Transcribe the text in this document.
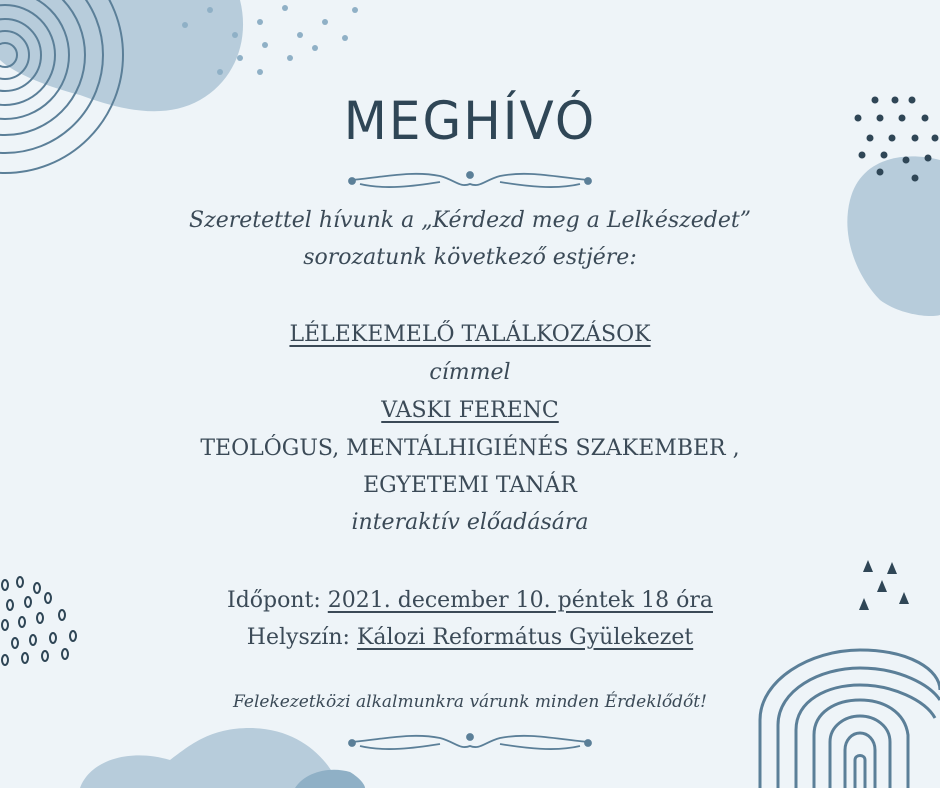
MEGHÍVÓ
Szeretettel hívunk a „Kérdezd meg a Lelkészedet”
sorozatunk következő estjére:
LÉLEKEMELŐ TALÁLKOZÁSOK
címmel
VASKI FERENC
TEOLÓGUS, MENTÁLHIGIÉNÉS SZAKEMBER ,
EGYETEMI TANÁR
interaktív előadására
Időpont: 2021. december 10. péntek 18 óra
Helyszín: Kálozi Református Gyülekezet
Felekezetközi alkalmunkra várunk minden Érdeklődőt!
